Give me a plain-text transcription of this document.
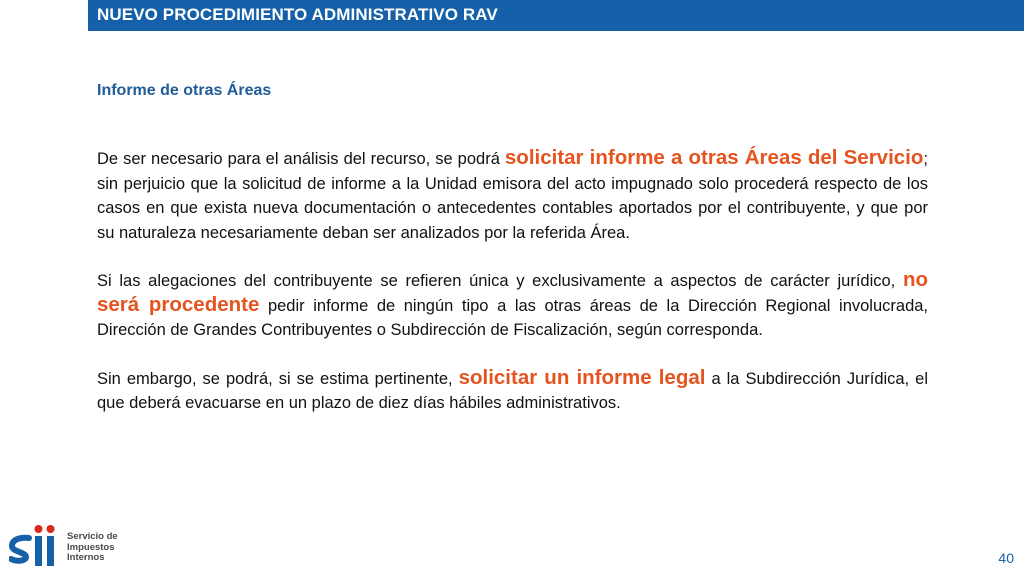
NUEVO PROCEDIMIENTO ADMINISTRATIVO RAV
Informe de otras Áreas

De ser necesario para el análisis del recurso, se podrá solicitar informe a otras Áreas del Servicio; sin perjuicio que la solicitud de informe a la Unidad emisora del acto impugnado solo procederá respecto de los casos en que exista nueva documentación o antecedentes contables aportados por el contribuyente, y que por su naturaleza necesariamente deban ser analizados por la referida Área.

Si las alegaciones del contribuyente se refieren única y exclusivamente a aspectos de carácter jurídico, no será procedente pedir informe de ningún tipo a las otras áreas de la Dirección Regional involucrada, Dirección de Grandes Contribuyentes o Subdirección de Fiscalización, según corresponda.

Sin embargo, se podrá, si se estima pertinente, solicitar un informe legal a la Subdirección Jurídica, el que deberá evacuarse en un plazo de diez días hábiles administrativos.

Servicio de
Impuestos
Internos	40
